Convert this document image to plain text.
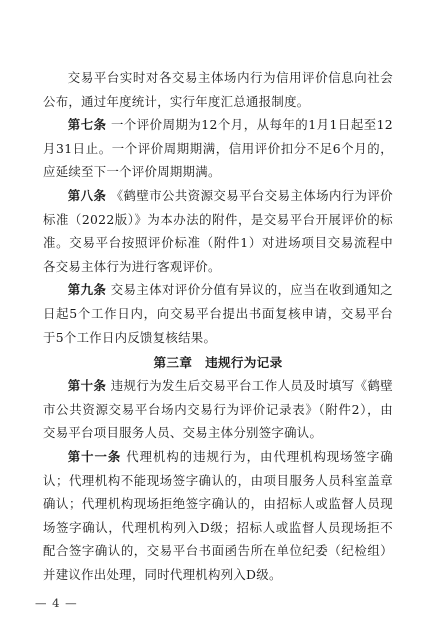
交易平台实时对各交易主体场内行为信用评价信息向社会公布，通过年度统计，实行年度汇总通报制度。

第七条 一个评价周期为12个月，从每年的1月1日起至12月31日止。一个评价周期期满，信用评价扣分不足6个月的，应延续至下一个评价周期期满。

第八条 《鹤壁市公共资源交易平台交易主体场内行为评价标准（2022版）》为本办法的附件，是交易平台开展评价的标准。交易平台按照评价标准（附件1）对进场项目交易流程中各交易主体行为进行客观评价。

第九条 交易主体对评价分值有异议的，应当在收到通知之日起5个工作日内，向交易平台提出书面复核申请，交易平台于5个工作日内反馈复核结果。

第三章　违规行为记录

第十条 违规行为发生后交易平台工作人员及时填写《鹤壁市公共资源交易平台场内交易行为评价记录表》（附件2），由交易平台项目服务人员、交易主体分别签字确认。

第十一条 代理机构的违规行为，由代理机构现场签字确认；代理机构不能现场签字确认的，由项目服务人员科室盖章确认；代理机构现场拒绝签字确认的，由招标人或监督人员现场签字确认，代理机构列入D级；招标人或监督人员现场拒不配合签字确认的，交易平台书面函告所在单位纪委（纪检组）并建议作出处理，同时代理机构列入D级。

— 4 —
